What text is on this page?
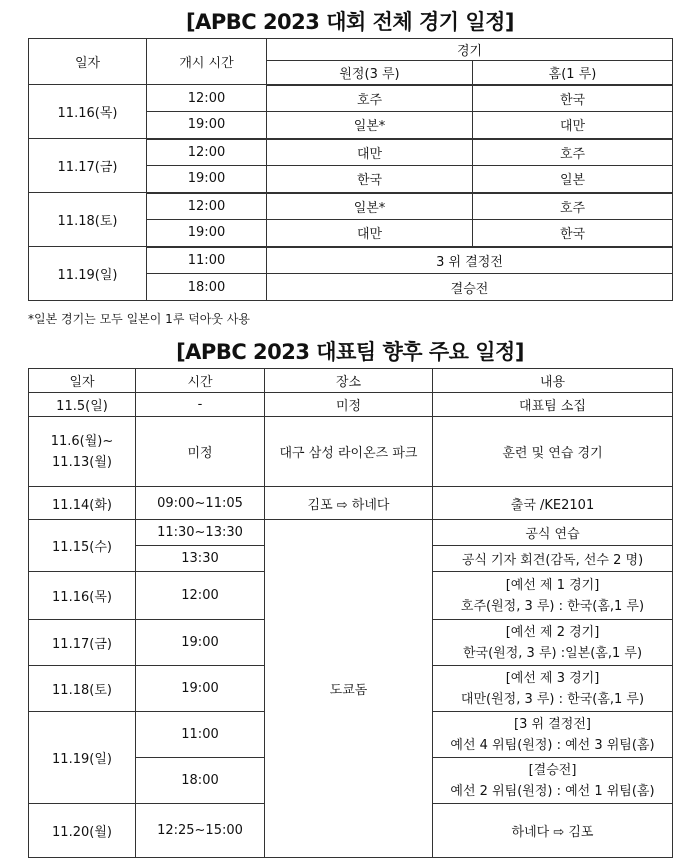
[APBC 2023 대회 전체 경기 일정]
일자	개시 시간	경기	
		원정(3 루)	홈(1 루)
11.16(목)	12:00	호주	한국
	19:00	일본*	대만
11.17(금)	12:00	대만	호주
	19:00	한국	일본
11.18(토)	12:00	일본*	호주
	19:00	대만	한국
11.19(일)	11:00	3 위 결정전	
	18:00	결승전	
*일본 경기는 모두 일본이 1루 덕아웃 사용
[APBC 2023 대표팀 향후 주요 일정]
일자	시간	장소	내용	
11.5(일)	-	미정	대표팀 소집	

11.6(월)~
11.13(월)	미정	대구 삼성 라이온즈 파크	훈련 및 연습 경기	
11.14(화)	09:00~11:05	김포 ⇨ 하네다	출국 /KE2101	
11.15(수)	11:30~13:30	도쿄돔	공식 연습	
	13:30		공식 기자 회견(감독, 선수 2 명)	
11.16(목)	12:00		[예선 제 1 경기]
호주(원정, 3 루) : 한국(홈,1 루)	

11.17(금)	19:00		[예선 제 2 경기]
한국(원정, 3 루) :일본(홈,1 루)	

11.18(토)	19:00		[예선 제 3 경기]
대만(원정, 3 루) : 한국(홈,1 루)	

11.19(일)	11:00		[3 위 결정전]
예선 4 위팀(원정) : 예선 3 위팀(홈)	

	18:00		[결승전]
예선 2 위팀(원정) : 예선 1 위팀(홈)	

11.20(월)	12:25~15:00		하네다 ⇨ 김포	
